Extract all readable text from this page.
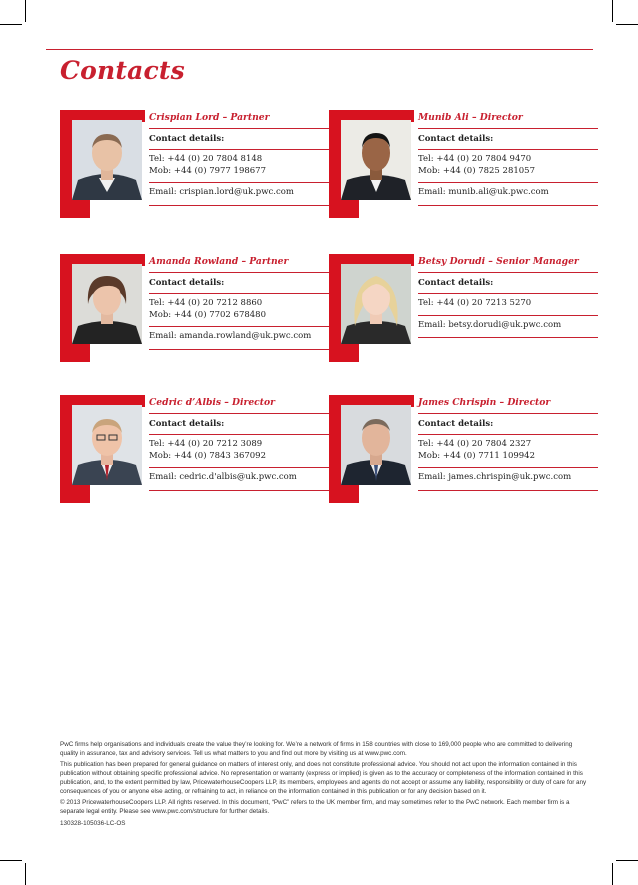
Contacts
Crispian Lord – Partner
Contact details:
Tel: +44 (0) 20 7804 8148
Mob: +44 (0) 7977 198677
Email: crispian.lord@uk.pwc.com
Munib Ali – Director
Contact details:
Tel: +44 (0) 20 7804 9470
Mob: +44 (0) 7825 281057
Email: munib.ali@uk.pwc.com
Amanda Rowland – Partner
Contact details:
Tel: +44 (0) 20 7212 8860
Mob: +44 (0) 7702 678480
Email: amanda.rowland@uk.pwc.com
Betsy Dorudi – Senior Manager
Contact details:
Tel: +44 (0) 20 7213 5270
Email: betsy.dorudi@uk.pwc.com
Cedric d’Albis – Director
Contact details:
Tel: +44 (0) 20 7212 3089
Mob: +44 (0) 7843 367092
Email: cedric.d'albis@uk.pwc.com
James Chrispin – Director
Contact details:
Tel: +44 (0) 20 7804 2327
Mob: +44 (0) 7711 109942
Email: james.chrispin@uk.pwc.com

PwC firms help organisations and individuals create the value they’re looking for. We’re a network of firms in 158 countries with close to 169,000 people who are committed to delivering quality in assurance, tax and advisory services. Tell us what matters to you and find out more by visiting us at www.pwc.com.

This publication has been prepared for general guidance on matters of interest only, and does not constitute professional advice. You should not act upon the information contained in this publication without obtaining specific professional advice. No representation or warranty (express or implied) is given as to the accuracy or completeness of the information contained in this publication, and, to the extent permitted by law, PricewaterhouseCoopers LLP, its members, employees and agents do not accept or assume any liability, responsibility or duty of care for any consequences of you or anyone else acting, or refraining to act, in reliance on the information contained in this publication or for any decision based on it.

© 2013 PricewaterhouseCoopers LLP. All rights reserved. In this document, “PwC” refers to the UK member firm, and may sometimes refer to the PwC network. Each member firm is a separate legal entity. Please see www.pwc.com/structure for further details.

130328-105036-LC-OS
